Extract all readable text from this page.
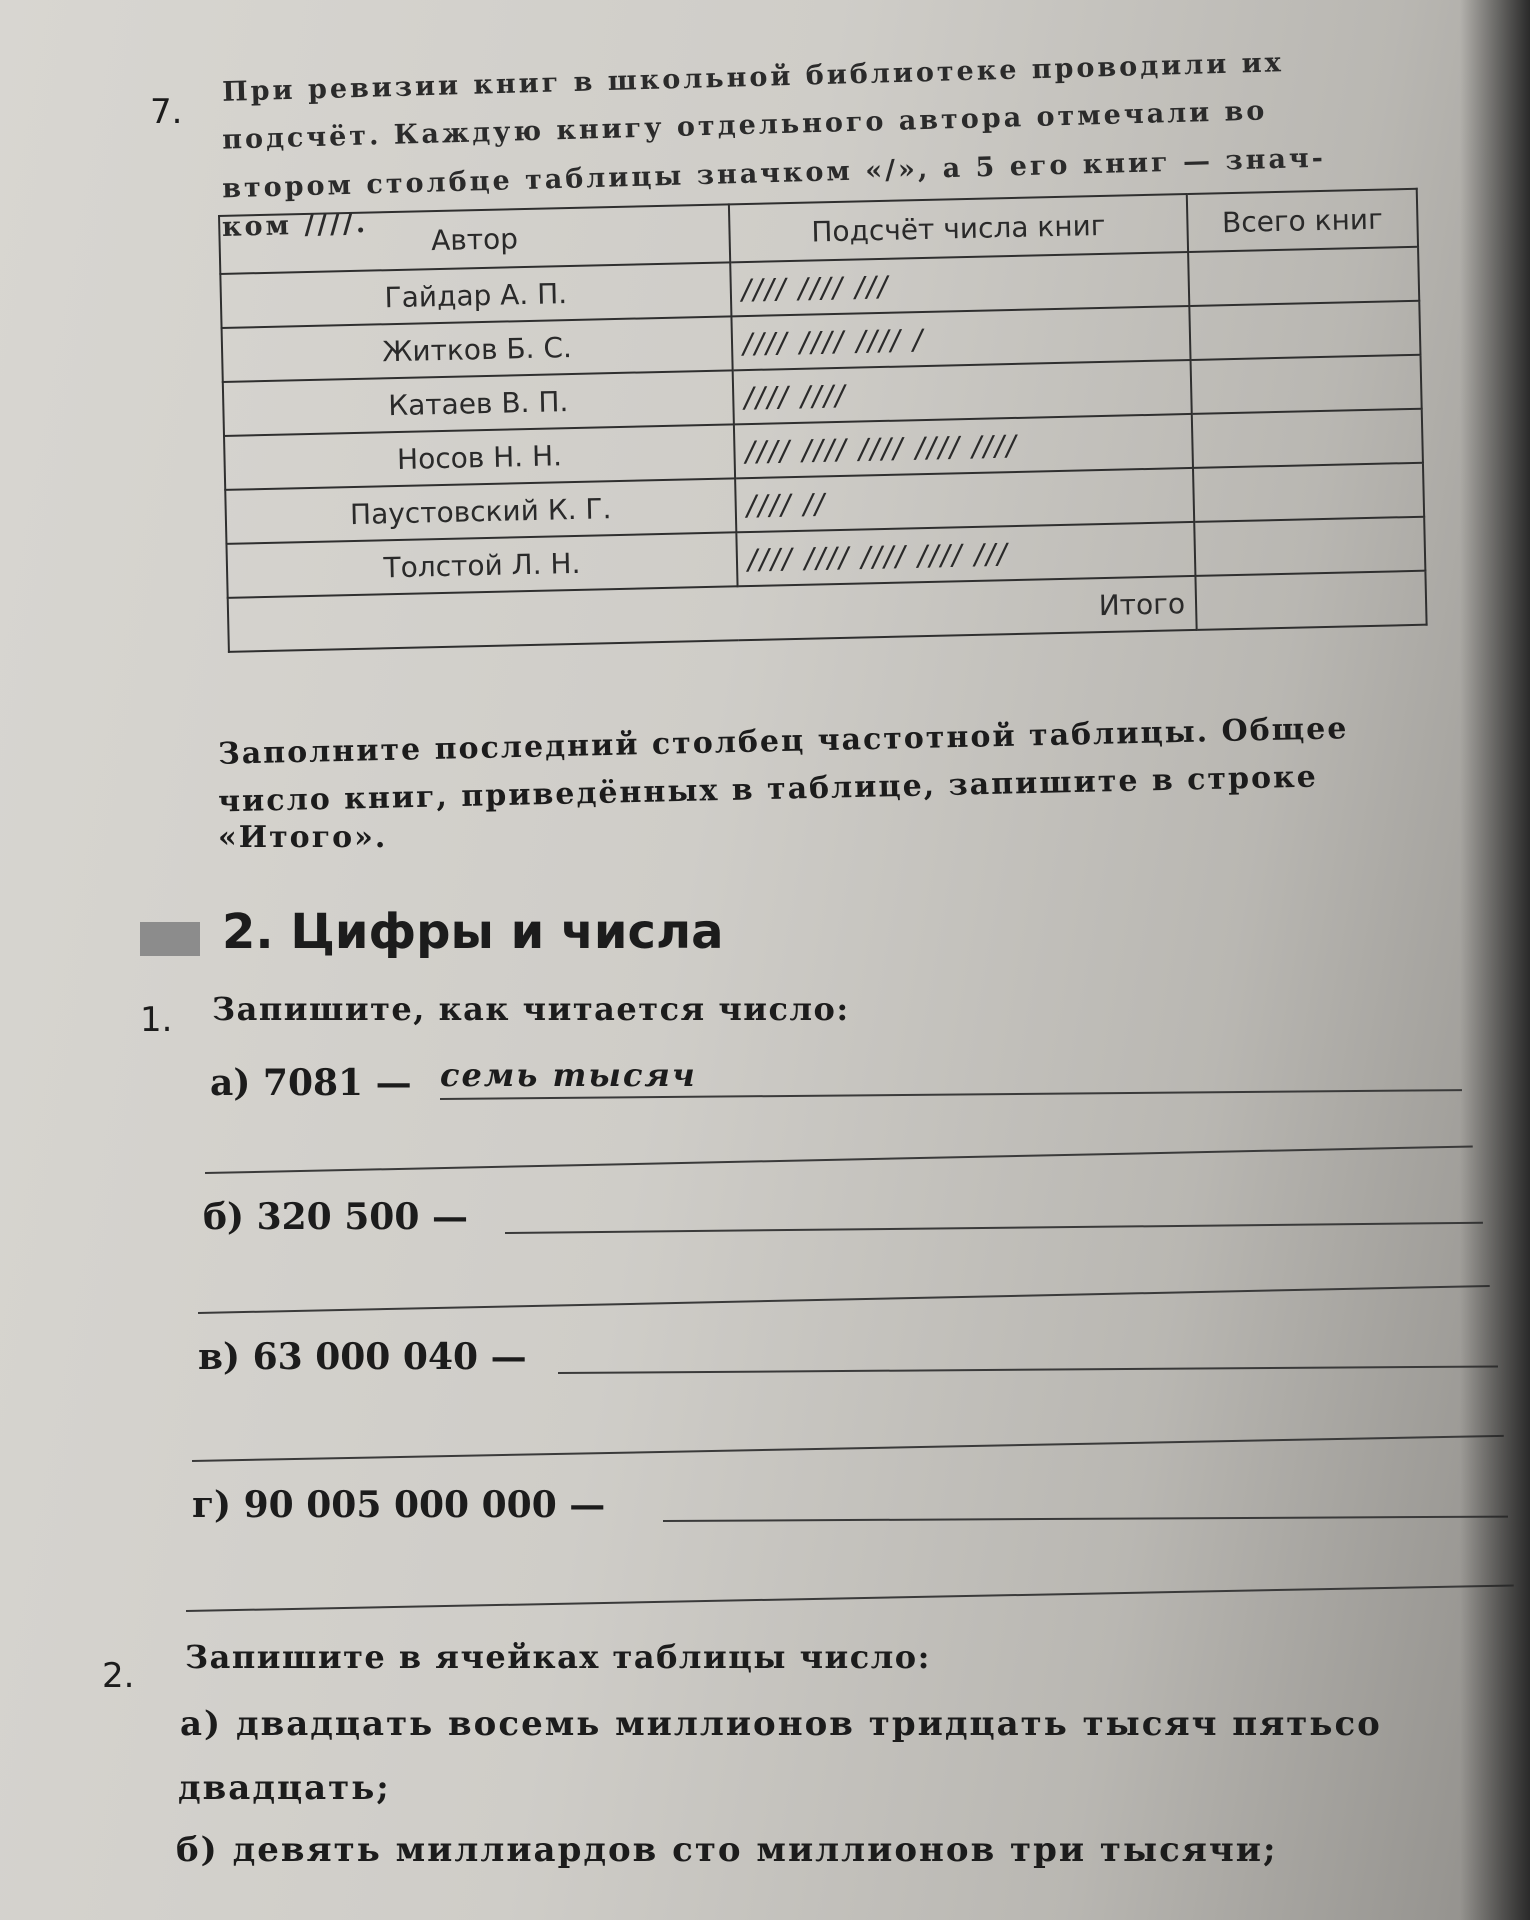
7.
При ревизии книг в школьной библиотеке проводили их
подсчёт. Каждую книгу отдельного автора отмечали во
втором столбце таблицы значком «/», а 5 его книг — знач-
ком ////. Автор	Подсчёт числа книг	Всего книг
Гайдар А. П.	//// //// ///	
Житков Б. С.	//// //// //// /	
Катаев В. П.	//// ////	
Носов Н. Н.	//// //// //// //// ////	
Паустовский К. Г.	//// //	
Толстой Л. Н.	//// //// //// //// ///	
Итого		
Заполните последний столбец частотной таблицы. Общее
число книг, приведённых в таблице, запишите в строке
«Итого».
2. Цифры и числа
1. Запишите, как читается число:
а) 7081 — семь тысяч
б) 320 500 —
в) 63 000 040 —
г) 90 005 000 000 —
2. Запишите в ячейках таблицы число:
а) двадцать восемь миллионов тридцать тысяч пятьсо
двадцать;
б) девять миллиардов сто миллионов три тысячи;
